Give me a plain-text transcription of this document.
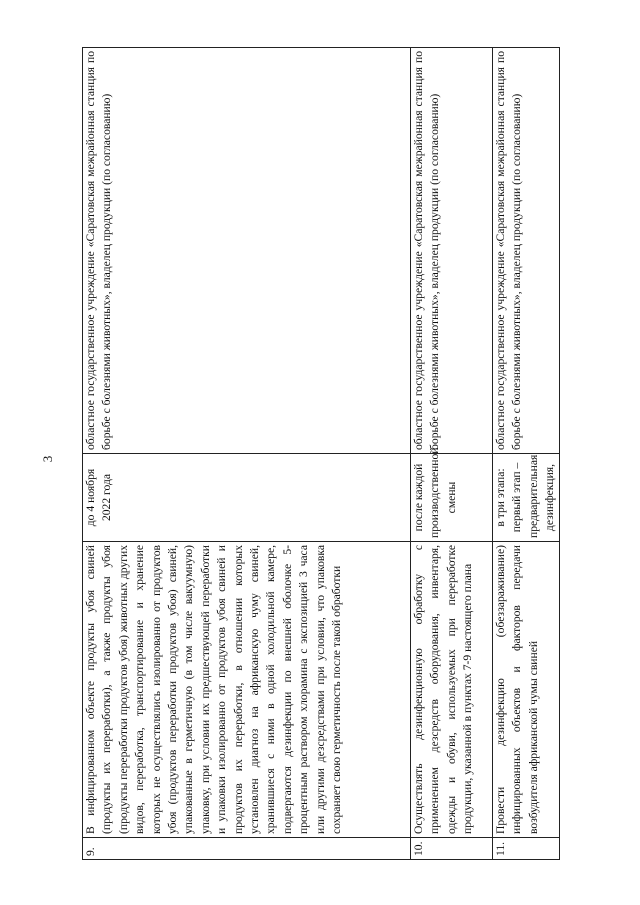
3
9.	В инфицированном объекте продукты убоя свиней (продукты их переработки), а также продукты убоя (продукты переработки продуктов убоя) животных других видов, переработка, транспортирование и хранение которых не осуществлялись изолированно от продуктов убоя (продуктов переработки продуктов убоя) свиней, упакованные в герметичную (в том числе вакуумную) упаковку, при условии их предшествующей переработки и упаковки изолированно от продуктов убоя свиней и продуктов их переработки, в отношении которых установлен диагноз на африканскую чуму свиней, хранившиеся с ними в одной холодильной камере, подвергаются дезинфекции по внешней оболочке 5-процентным раствором хлорамина с экспозицией 3 часа или другими дезсредствами при условии, что упаковка сохраняет свою герметичность после такой обработки	до 4 ноября 2022 года	областное государственное учреждение «Саратовская межрайонная станция по борьбе с болезнями животных», владелец продукции (по согласованию)
10.	Осуществлять дезинфекционную обработку с применением дезсредств оборудования, инвентаря, одежды и обуви, используемых при переработке продукции, указанной в пунктах 7-9 настоящего плана	после каждой производственной смены	областное государственное учреждение «Саратовская межрайонная станция по борьбе с болезнями животных», владелец продукции (по согласованию)
11.	Провести дезинфекцию (обеззараживание) инфицированных объектов и факторов передачи возбудителя африканской чумы свиней	в три этапа: первый этап – предварительная дезинфекция,	областное государственное учреждение «Саратовская межрайонная станция по борьбе с болезнями животных», владелец продукции (по согласованию)
